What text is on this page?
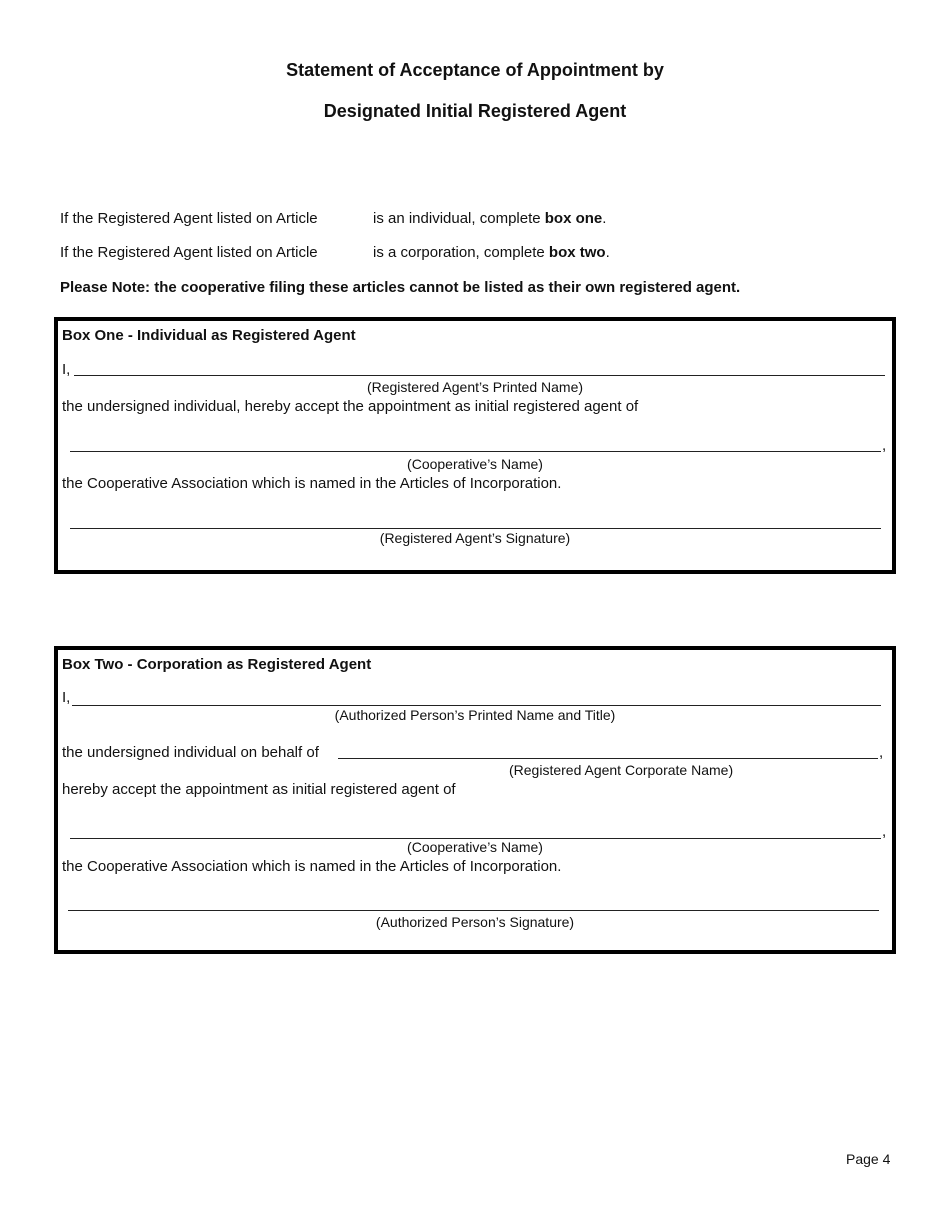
Statement of Acceptance of Appointment by
Designated Initial Registered Agent
If the Registered Agent listed on Article	is an individual, complete box one.
If the Registered Agent listed on Article	is a corporation, complete box two.
Please Note: the cooperative filing these articles cannot be listed as their own registered agent.
Box One - Individual as Registered Agent
I,
(Registered Agent’s Printed Name)
the undersigned individual, hereby accept the appointment as initial registered agent of
,
(Cooperative’s Name)
the Cooperative Association which is named in the Articles of Incorporation.
(Registered Agent’s Signature)
Box Two - Corporation as Registered Agent
I,
(Authorized Person’s Printed Name and Title)
the undersigned individual on behalf of	,
(Registered Agent Corporate Name)
hereby accept the appointment as initial registered agent of
,
(Cooperative’s Name)
the Cooperative Association which is named in the Articles of Incorporation.
(Authorized Person’s Signature)
Page 4
